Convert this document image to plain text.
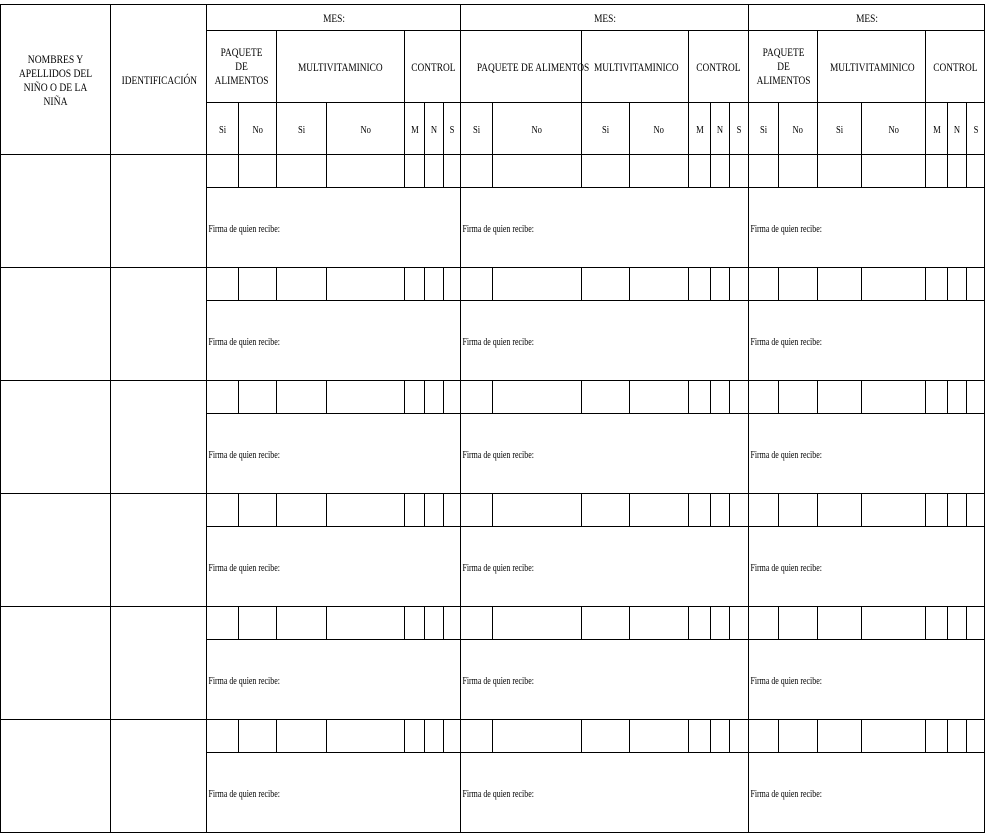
NOMBRES Y APELLIDOS DEL NIÑO O DE LA NIÑA	IDENTIFICACIÓN	MES:							MES:							MES:						
		PAQUETE DE ALIMENTOS		MULTIVITAMINICO		CONTROL			PAQUETE DE ALIMENTOS		MULTIVITAMINICO		CONTROL			PAQUETE DE ALIMENTOS		MULTIVITAMINICO		CONTROL		
		Si	No	Si	No	M	N	S	Si	No	Si	No	M	N	S	Si	No	Si	No	M	N	S

		Firma de quien recibe:							Firma de quien recibe:							Firma de quien recibe:						

		Firma de quien recibe:							Firma de quien recibe:							Firma de quien recibe:						

		Firma de quien recibe:							Firma de quien recibe:							Firma de quien recibe:						

		Firma de quien recibe:							Firma de quien recibe:							Firma de quien recibe:						

		Firma de quien recibe:							Firma de quien recibe:							Firma de quien recibe:						

		Firma de quien recibe:							Firma de quien recibe:							Firma de quien recibe:						
